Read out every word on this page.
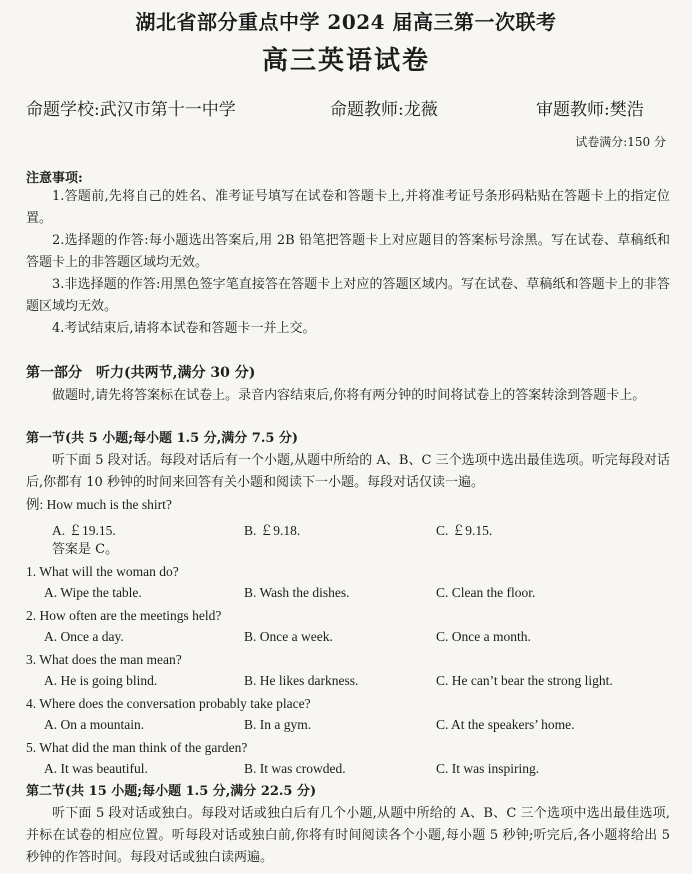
湖北省部分重点中学 2024 届高三第一次联考
高三英语试卷
命题学校:武汉市第十一中学	命题教师:龙薇	审题教师:樊浩
试卷满分:150 分
注意事项:
1.答题前,先将自己的姓名、准考证号填写在试卷和答题卡上,并将准考证号条形码粘贴在答题卡上的指定位置。
2.选择题的作答:每小题选出答案后,用 2B 铅笔把答题卡上对应题目的答案标号涂黑。写在试卷、草稿纸和答题卡上的非答题区域均无效。
3.非选择题的作答:用黑色签字笔直接答在答题卡上对应的答题区域内。写在试卷、草稿纸和答题卡上的非答题区域均无效。
4.考试结束后,请将本试卷和答题卡一并上交。
第一部分　听力(共两节,满分 30 分)
做题时,请先将答案标在试卷上。录音内容结束后,你将有两分钟的时间将试卷上的答案转涂到答题卡上。
第一节(共 5 小题;每小题 1.5 分,满分 7.5 分)
听下面 5 段对话。每段对话后有一个小题,从题中所给的 A、B、C 三个选项中选出最佳选项。听完每段对话后,你都有 10 秒钟的时间来回答有关小题和阅读下一小题。每段对话仅读一遍。
例: How much is the shirt?
A. ￡19.15.	B. ￡9.18.	C. ￡9.15.
答案是 C。
1. What will the woman do?
A. Wipe the table.	B. Wash the dishes.	C. Clean the floor.
2. How often are the meetings held?
A. Once a day.	B. Once a week.	C. Once a month.
3. What does the man mean?
A. He is going blind.	B. He likes darkness.	C. He can’t bear the strong light.
4. Where does the conversation probably take place?
A. On a mountain.	B. In a gym.	C. At the speakers’ home.
5. What did the man think of the garden?
A. It was beautiful.	B. It was crowded.	C. It was inspiring.
第二节(共 15 小题;每小题 1.5 分,满分 22.5 分)
听下面 5 段对话或独白。每段对话或独白后有几个小题,从题中所给的 A、B、C 三个选项中选出最佳选项,并标在试卷的相应位置。听每段对话或独白前,你将有时间阅读各个小题,每小题 5 秒钟;听完后,各小题将给出 5 秒钟的作答时间。每段对话或独白读两遍。
